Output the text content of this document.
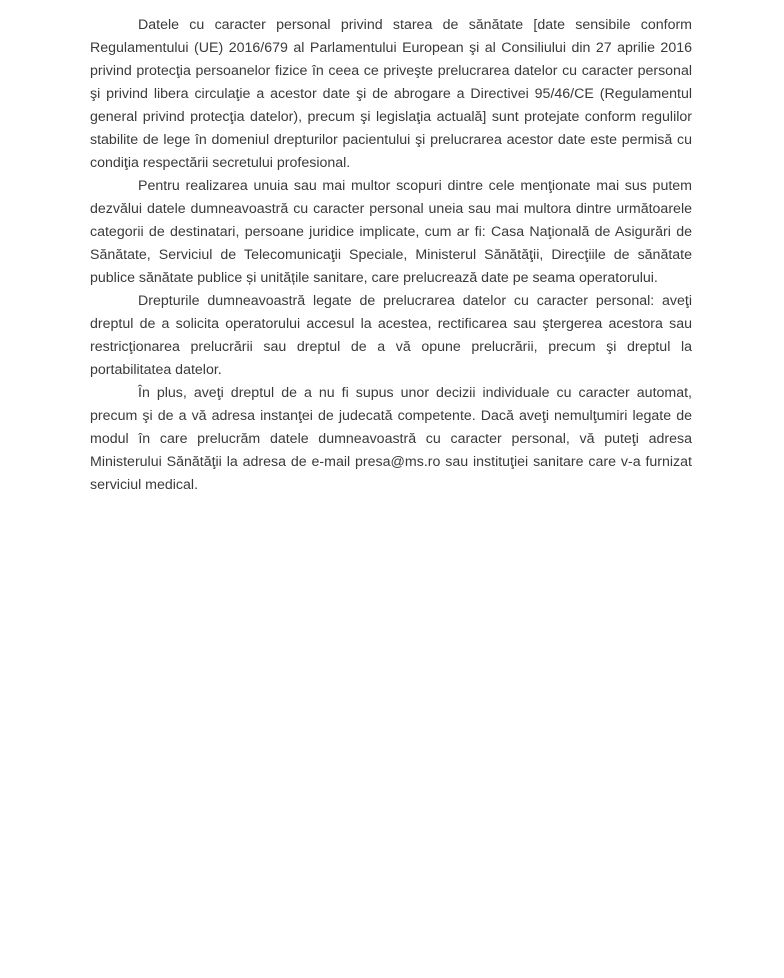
Datele cu caracter personal privind starea de sănătate [date sensibile conform Regulamentului (UE) 2016/679 al Parlamentului European şi al Consiliului din 27 aprilie 2016 privind protecţia persoanelor fizice în ceea ce priveşte prelucrarea datelor cu caracter personal şi privind libera circulaţie a acestor date şi de abrogare a Directivei 95/46/CE (Regulamentul general privind protecţia datelor), precum şi legislaţia actuală] sunt protejate conform regulilor stabilite de lege în domeniul drepturilor pacientului şi prelucrarea acestor date este permisă cu condiţia respectării secretului profesional.

Pentru realizarea unuia sau mai multor scopuri dintre cele menţionate mai sus putem dezvălui datele dumneavoastră cu caracter personal uneia sau mai multora dintre următoarele categorii de destinatari, persoane juridice implicate, cum ar fi: Casa Naţională de Asigurări de Sănătate, Serviciul de Telecomunicaţii Speciale, Ministerul Sănătăţii, Direcţiile de sănătate publice sănătate publice și unitățile sanitare, care prelucrează date pe seama operatorului.

Drepturile dumneavoastră legate de prelucrarea datelor cu caracter personal: aveţi dreptul de a solicita operatorului accesul la acestea, rectificarea sau ştergerea acestora sau restricţionarea prelucrării sau dreptul de a vă opune prelucrării, precum şi dreptul la portabilitatea datelor.

În plus, aveţi dreptul de a nu fi supus unor decizii individuale cu caracter automat, precum şi de a vă adresa instanţei de judecată competente. Dacă aveţi nemulţumiri legate de modul în care prelucrăm datele dumneavoastră cu caracter personal, vă puteţi adresa Ministerului Sănătăţii la adresa de e-mail presa@ms.ro sau instituţiei sanitare care v-a furnizat serviciul medical.
